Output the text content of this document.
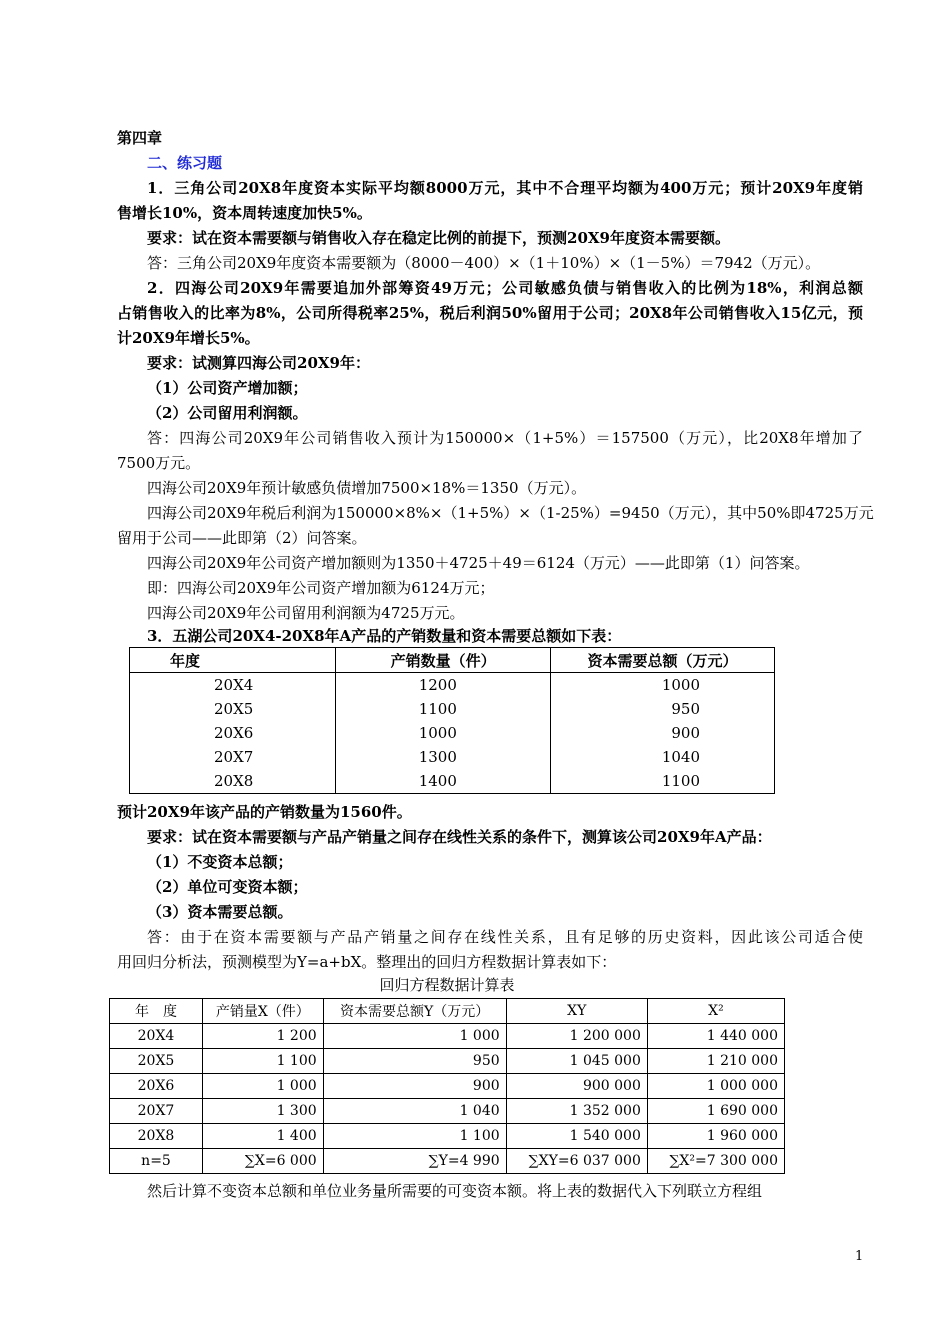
第四章
二、练习题
1．三角公司20X8年度资本实际平均额8000万元，其中不合理平均额为400万元；预计20X9年度销
售增长10%，资本周转速度加快5%。
要求：试在资本需要额与销售收入存在稳定比例的前提下，预测20X9年度资本需要额。
答：三角公司20X9年度资本需要额为（8000－400）×（1＋10%）×（1－5%）＝7942（万元）。
2．四海公司20X9年需要追加外部筹资49万元；公司敏感负债与销售收入的比例为18%，利润总额
占销售收入的比率为8%，公司所得税率25%，税后利润50%留用于公司；20X8年公司销售收入15亿元，预
计20X9年增长5%。
要求：试测算四海公司20X9年：
（1）公司资产增加额；
（2）公司留用利润额。
答：四海公司20X9年公司销售收入预计为150000×（1+5%）＝157500（万元），比20X8年增加了
7500万元。
四海公司20X9年预计敏感负债增加7500×18%＝1350（万元）。
四海公司20X9年税后利润为150000×8%×（1+5%）×（1-25%）=9450（万元），其中50%即4725万元
留用于公司——此即第（2）问答案。
四海公司20X9年公司资产增加额则为1350＋4725＋49＝6124（万元）——此即第（1）问答案。
即：四海公司20X9年公司资产增加额为6124万元；
四海公司20X9年公司留用利润额为4725万元。
3．五湖公司20X4-20X8年A产品的产销数量和资本需要总额如下表：
年度	产销数量（件）	资本需要总额（万元）
20X4	1200	1000
20X5	1100	950
20X6	1000	900
20X7	1300	1040
20X8	1400	1100
预计20X9年该产品的产销数量为1560件。
要求：试在资本需要额与产品产销量之间存在线性关系的条件下，测算该公司20X9年A产品：
（1）不变资本总额；
（2）单位可变资本额；
（3）资本需要总额。
答：由于在资本需要额与产品产销量之间存在线性关系，且有足够的历史资料，因此该公司适合使
用回归分析法，预测模型为Y=a+bX。整理出的回归方程数据计算表如下：
回归方程数据计算表
年　度	产销量X（件）	资本需要总额Y（万元）	XY	X²
20X4	1 200	1 000	1 200 000	1 440 000
20X5	1 100	950	1 045 000	1 210 000
20X6	1 000	900	900 000	1 000 000
20X7	1 300	1 040	1 352 000	1 690 000
20X8	1 400	1 100	1 540 000	1 960 000
n=5	∑X=6 000	∑Y=4 990	∑XY=6 037 000	∑X²=7 300 000
然后计算不变资本总额和单位业务量所需要的可变资本额。将上表的数据代入下列联立方程组
1
